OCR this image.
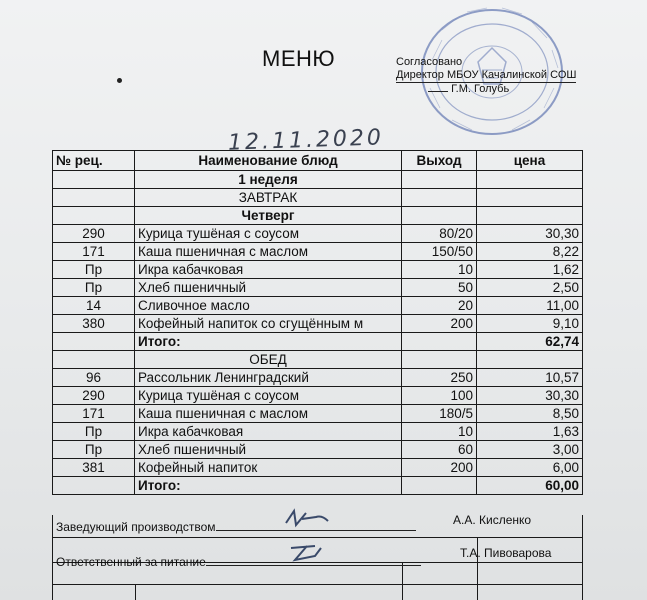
МЕНЮ	Согласовано
Директор МБОУ Качалинской СОШ
Г.М. Голубь
12.11.2020
№ рец.	Наименование блюд	Выход	цена
	1 неделя		
	ЗАВТРАК		
	Четверг		
290	Курица тушёная с соусом	80/20	30,30
171	Каша пшеничная с маслом	150/50	8,22
Пр	Икра кабачковая	10	1,62
Пр	Хлеб пшеничный	50	2,50
14	Сливочное масло	20	11,00
380	Кофейный напиток со сгущённым м	200	9,10
	Итого:		62,74
	ОБЕД		
96	Рассольник Ленинградский	250	10,57
290	Курица тушёная с соусом	100	30,30
171	Каша пшеничная с маслом	180/5	8,50
Пр	Икра кабачковая	10	1,63
Пр	Хлеб пшеничный	60	3,00
381	Кофейный напиток	200	6,00
	Итого:		60,00
Заведующий производством	А.А. Кисленко
Ответственный за питание
Т.А. Пивоварова
